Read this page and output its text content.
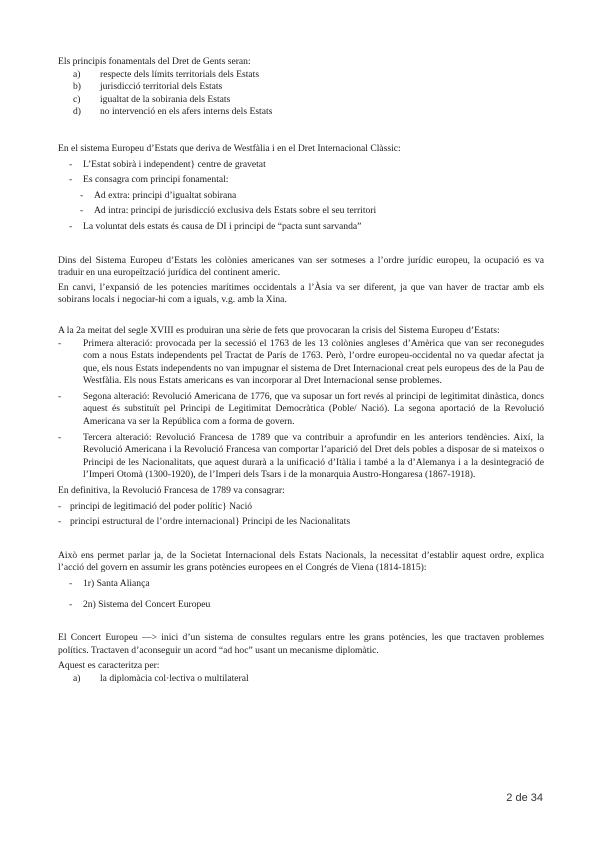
Els principis fonamentals del Dret de Gents seran:

a) respecte dels límits territorials dels Estats
b) jurisdicció territorial dels Estats
c) igualtat de la sobirania dels Estats
d) no intervenció en els afers interns dels Estats

En el sistema Europeu d’Estats que deriva de Westfàlia i en el Dret Internacional Clàssic:

- L’Estat sobirà i independent} centre de gravetat
- Es consagra com principi fonamental:
- Ad extra: principi d’igualtat sobirana
- Ad intra: principi de jurisdicció exclusiva dels Estats sobre el seu territori
- La voluntat dels estats és causa de DI i principi de “pacta sunt sarvanda”

Dins del Sistema Europeu d’Estats les colònies americanes van ser sotmeses a l’ordre jurídic europeu, la ocupació es va traduir en una europeïtzació jurídica del continent americ.

En canvi, l’expansió de les potencies marítimes occidentals a l’Àsia va ser diferent, ja que van haver de tractar amb els sobirans locals i negociar-hi com a iguals, v.g. amb la Xina.

A la 2a meitat del segle XVIII es produiran una sèrie de fets que provocaran la crisis del Sistema Europeu d’Estats:

- Primera alteració: provocada per la secessió el 1763 de les 13 colònies angleses d’Amèrica que van ser reconegudes com a nous Estats independents pel Tractat de París de 1763. Però, l’ordre europeu-occidental no va quedar afectat ja que, els nous Estats independents no van impugnar el sistema de Dret Internacional creat pels europeus des de la Pau de Westfàlia. Els nous Estats americans es van incorporar al Dret Internacional sense problemes.
- Segona alteració: Revolució Americana de 1776, que va suposar un fort revés al principi de legitimitat dinàstica, doncs aquest és substituït pel Principi de Legitimitat Democràtica (Poble/ Nació). La segona aportació de la Revolució Americana va ser la República com a forma de govern.
- Tercera alteració: Revolució Francesa de 1789 que va contribuir a aprofundir en les anteriors tendències. Així, la Revolució Americana i la Revolució Francesa van comportar l’aparició del Dret dels pobles a disposar de si mateixos o Principi de les Nacionalitats, que aquest durarà a la unificació d’Itàlia i també a la d’Alemanya i a la desintegració de l’Imperi Otomà (1300-1920), de l’Imperi dels Tsars i de la monarquia Austro-Hongaresa (1867-1918).

En definitiva, la Revolució Francesa de 1789 va consagrar:

- principi de legitimació del poder polític} Nació
- principi estructural de l’ordre internacional} Principi de les Nacionalitats

Això ens permet parlar ja, de la Societat Internacional dels Estats Nacionals, la necessitat d’establir aquest ordre, explica l’acció del govern en assumir les grans potències europees en el Congrés de Viena (1814-1815):

- 1r) Santa Aliança
- 2n) Sistema del Concert Europeu

El Concert Europeu —> inici d’un sistema de consultes regulars entre les grans potències, les que tractaven problemes polítics. Tractaven d’aconseguir un acord “ad hoc” usant un mecanisme diplomàtic.

Aquest es caracteritza per:

a) la diplomàcia col·lectiva o multilateral
2 de 34
